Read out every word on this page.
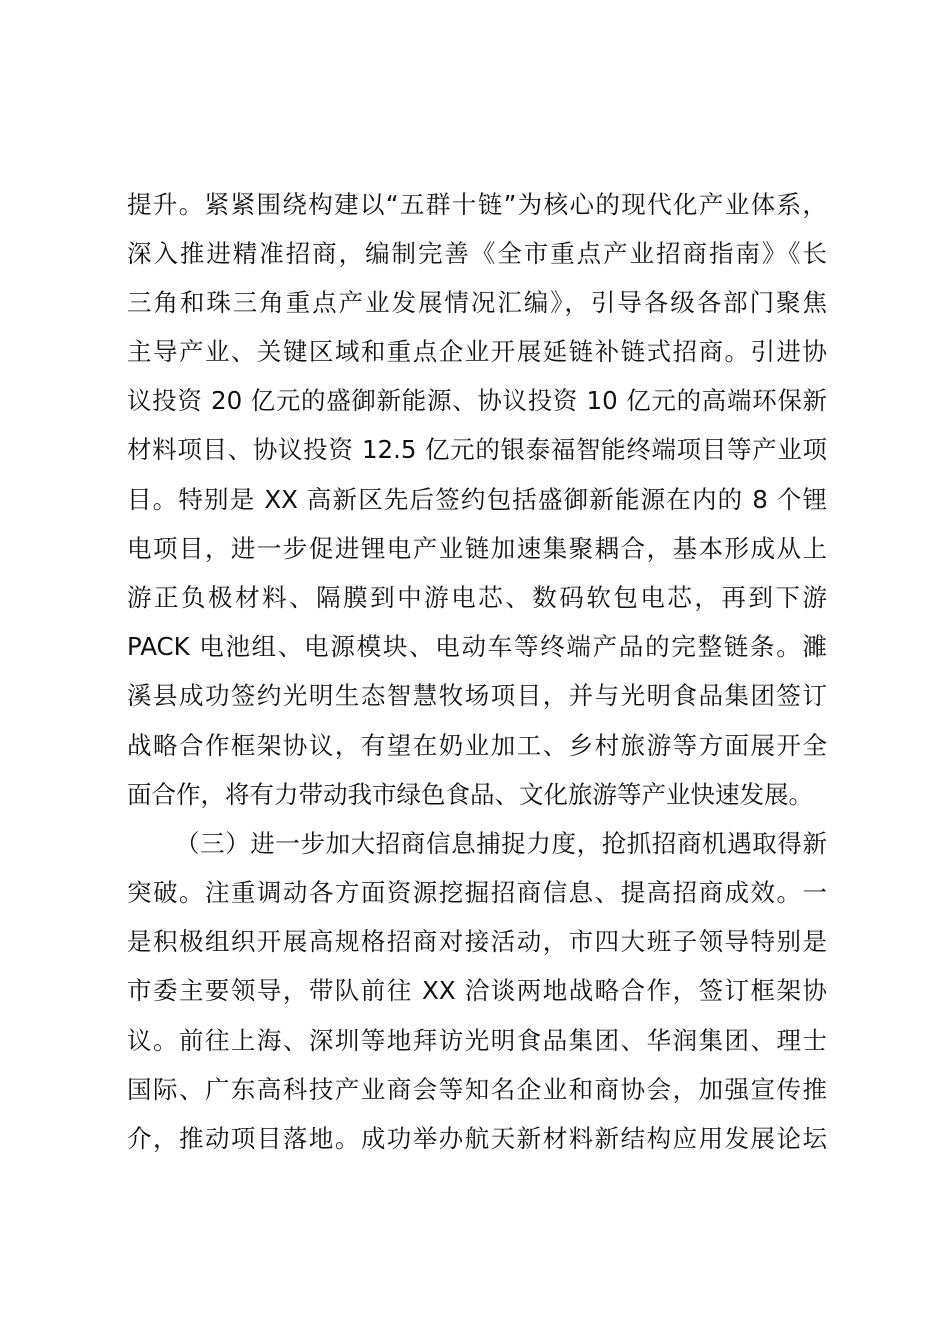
提升。紧紧围绕构建以“五群十链”为核心的现代化产业体系，
深入推进精准招商，编制完善《全市重点产业招商指南》《长
三角和珠三角重点产业发展情况汇编》，引导各级各部门聚焦
主导产业、关键区域和重点企业开展延链补链式招商。引进协
议投资 20 亿元的盛御新能源、协议投资 10 亿元的高端环保新
材料项目、协议投资 12.5 亿元的银泰福智能终端项目等产业项
目。特别是 XX 高新区先后签约包括盛御新能源在内的 8 个锂
电项目，进一步促进锂电产业链加速集聚耦合，基本形成从上
游正负极材料、隔膜到中游电芯、数码软包电芯，再到下游
PACK 电池组、电源模块、电动车等终端产品的完整链条。濉
溪县成功签约光明生态智慧牧场项目，并与光明食品集团签订
战略合作框架协议，有望在奶业加工、乡村旅游等方面展开全
面合作，将有力带动我市绿色食品、文化旅游等产业快速发展。
（三）进一步加大招商信息捕捉力度，抢抓招商机遇取得新
突破。注重调动各方面资源挖掘招商信息、提高招商成效。一
是积极组织开展高规格招商对接活动，市四大班子领导特别是
市委主要领导，带队前往 XX 洽谈两地战略合作，签订框架协
议。前往上海、深圳等地拜访光明食品集团、华润集团、理士
国际、广东高科技产业商会等知名企业和商协会，加强宣传推
介，推动项目落地。成功举办航天新材料新结构应用发展论坛
